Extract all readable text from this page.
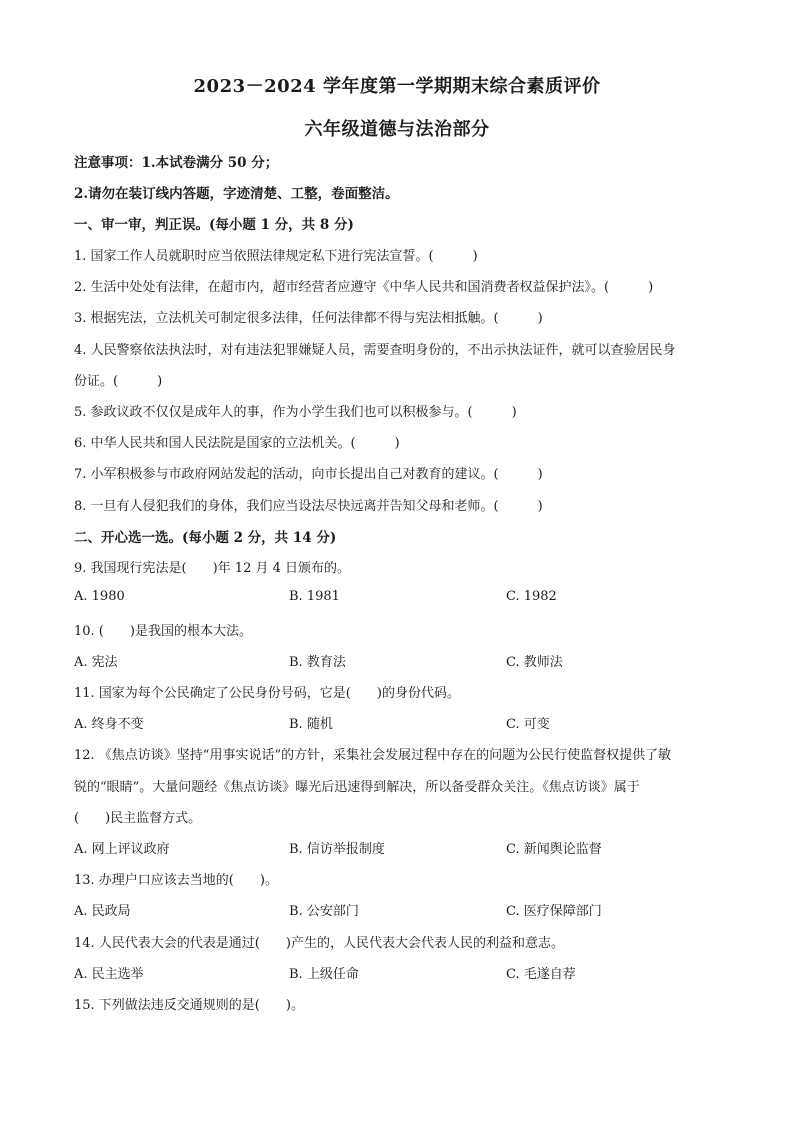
2023－2024 学年度第一学期期末综合素质评价
六年级道德与法治部分
注意事项：1.本试卷满分 50 分；
2.请勿在装订线内答题，字迹清楚、工整，卷面整洁。
一、审一审，判正误。(每小题 1 分，共 8 分)
1. 国家工作人员就职时应当依照法律规定私下进行宪法宣誓。(　　　)
2. 生活中处处有法律，在超市内，超市经营者应遵守《中华人民共和国消费者权益保护法》。(　　　)
3. 根据宪法，立法机关可制定很多法律，任何法律都不得与宪法相抵触。(　　　)
4. 人民警察依法执法时，对有违法犯罪嫌疑人员，需要查明身份的，不出示执法证件，就可以查验居民身
份证。(　　　)
5. 参政议政不仅仅是成年人的事，作为小学生我们也可以积极参与。(　　　)
6. 中华人民共和国人民法院是国家的立法机关。(　　　)
7. 小军积极参与市政府网站发起的活动，向市长提出自己对教育的建议。(　　　)
8. 一旦有人侵犯我们的身体，我们应当设法尽快远离并告知父母和老师。(　　　)
二、开心选一选。(每小题 2 分，共 14 分)
9. 我国现行宪法是(　　)年 12 月 4 日颁布的。
A. 1980	B. 1981	C. 1982
10. (　　)是我国的根本大法。
A. 宪法	B. 教育法	C. 教师法
11. 国家为每个公民确定了公民身份号码，它是(　　)的身份代码。
A. 终身不变	B. 随机	C. 可变
12. 《焦点访谈》坚持“用事实说话”的方针，采集社会发展过程中存在的问题为公民行使监督权提供了敏
锐的“眼睛”。大量问题经《焦点访谈》曝光后迅速得到解决，所以备受群众关注。《焦点访谈》属于
(　　)民主监督方式。
A. 网上评议政府	B. 信访举报制度	C. 新闻舆论监督
13. 办理户口应该去当地的(　　)。
A. 民政局	B. 公安部门	C. 医疗保障部门
14. 人民代表大会的代表是通过(　　)产生的，人民代表大会代表人民的利益和意志。
A. 民主选举	B. 上级任命	C. 毛遂自荐
15. 下列做法违反交通规则的是(　　)。
